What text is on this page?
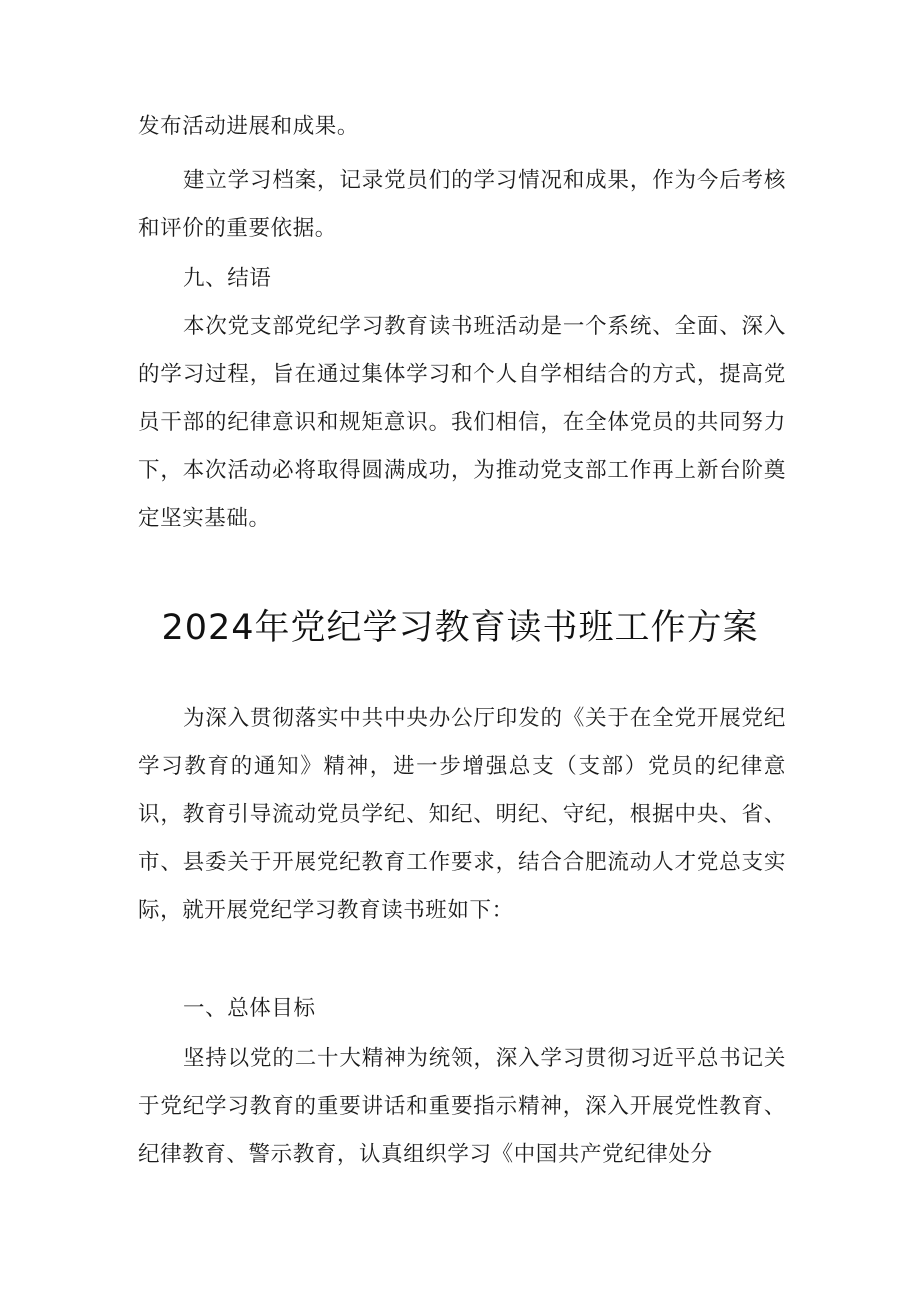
发布活动进展和成果。

建立学习档案，记录党员们的学习情况和成果，作为今后考核和评价的重要依据。

九、结语

本次党支部党纪学习教育读书班活动是一个系统、全面、深入的学习过程，旨在通过集体学习和个人自学相结合的方式，提高党员干部的纪律意识和规矩意识。我们相信，在全体党员的共同努力下，本次活动必将取得圆满成功，为推动党支部工作再上新台阶奠定坚实基础。

2024年党纪学习教育读书班工作方案

为深入贯彻落实中共中央办公厅印发的《关于在全党开展党纪学习教育的通知》精神，进一步增强总支（支部）党员的纪律意识，教育引导流动党员学纪、知纪、明纪、守纪，根据中央、省、市、县委关于开展党纪教育工作要求，结合合肥流动人才党总支实际，就开展党纪学习教育读书班如下：

一、总体目标

坚持以党的二十大精神为统领，深入学习贯彻习近平总书记关于党纪学习教育的重要讲话和重要指示精神，深入开展党性教育、纪律教育、警示教育，认真组织学习《中国共产党纪律处分
